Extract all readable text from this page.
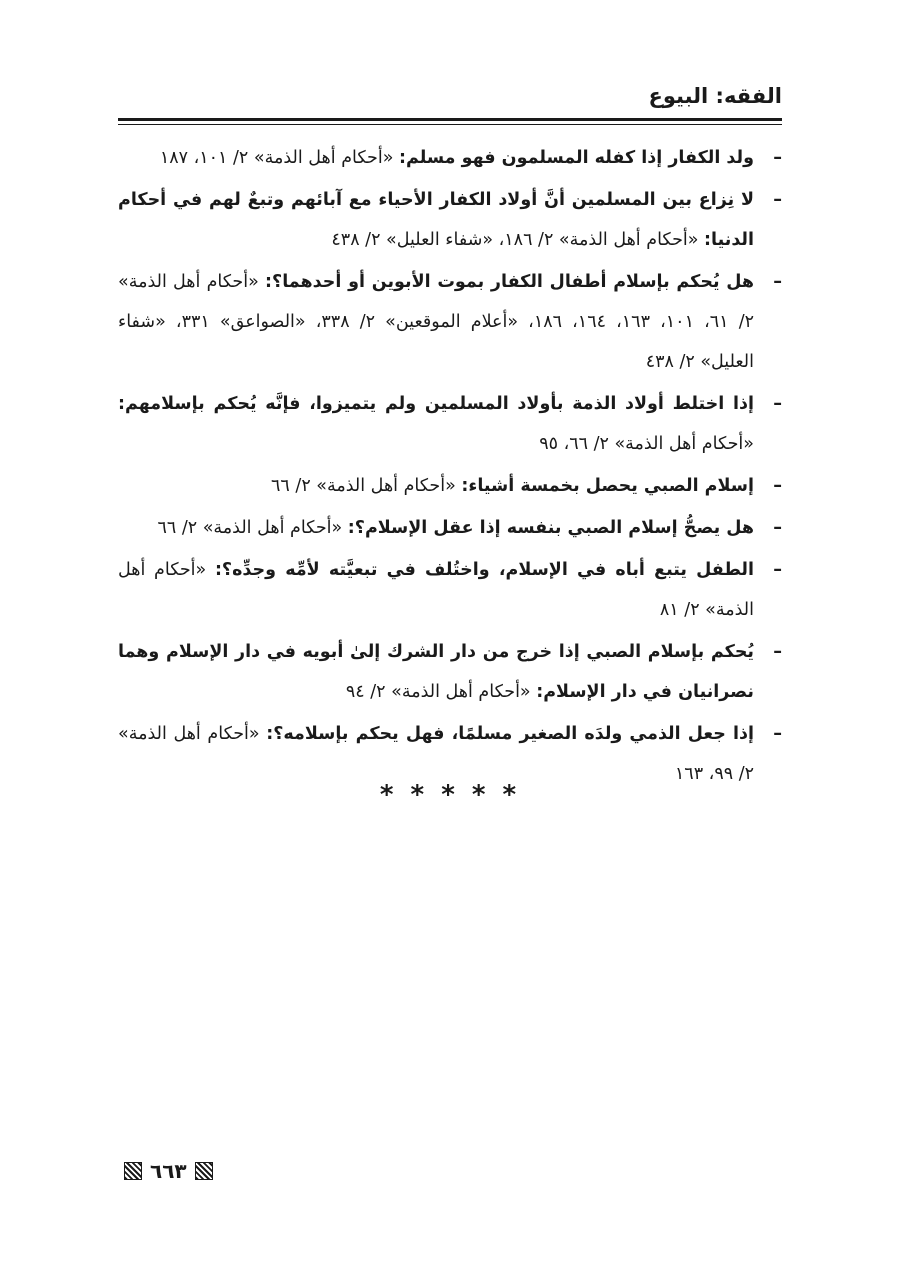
الفقه: البيوع
–
ولد الكفار إذا كفله المسلمون فهو مسلم: «أحكام أهل الذمة» ٢/ ١٠١، ١٨٧
–
لا نِزاع بين المسلمين أنَّ أولاد الكفار الأحياء مع آبائهم وتبعٌ لهم في أحكام الدنيا: «أحكام أهل الذمة» ٢/ ١٨٦، «شفاء العليل» ٢/ ٤٣٨
–
هل يُحكم بإسلام أطفال الكفار بموت الأبوين أو أحدهما؟: «أحكام أهل الذمة» ٢/ ٦١، ١٠١، ١٦٣، ١٦٤، ١٨٦، «أعلام الموقعين» ٢/ ٣٣٨، «الصواعق» ٣٣١، «شفاء العليل» ٢/ ٤٣٨
–
إذا اختلط أولاد الذمة بأولاد المسلمين ولم يتميزوا، فإنَّه يُحكم بإسلامهم: «أحكام أهل الذمة» ٢/ ٦٦، ٩٥
–
إسلام الصبي يحصل بخمسة أشياء: «أحكام أهل الذمة» ٢/ ٦٦
–
هل يصحُّ إسلام الصبي بنفسه إذا عقل الإسلام؟: «أحكام أهل الذمة» ٢/ ٦٦
–
الطفل يتبع أباه في الإسلام، واختُلف في تبعيَّته لأمِّه وجدِّه؟: «أحكام أهل الذمة» ٢/ ٨١
–
يُحكم بإسلام الصبي إذا خرج من دار الشرك إلىٰ أبويه في دار الإسلام وهما نصرانيان في دار الإسلام: «أحكام أهل الذمة» ٢/ ٩٤
–
إذا جعل الذمي ولدَه الصغير مسلمًا، فهل يحكم بإسلامه؟: «أحكام أهل الذمة» ٢/ ٩٩، ١٦٣
* * * * *
٦٦٣
